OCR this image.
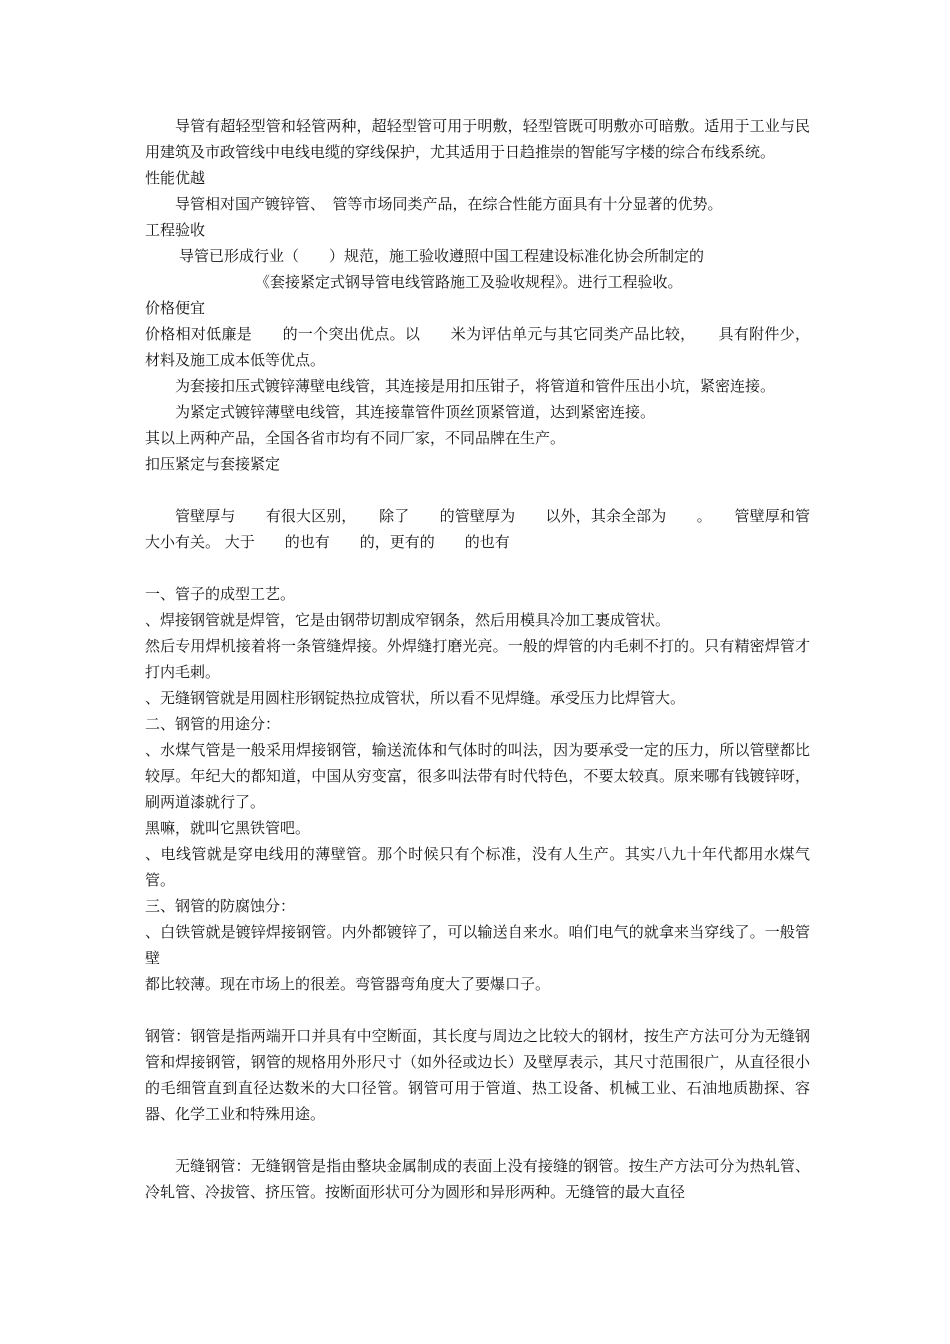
导管有超轻型管和轻管两种，超轻型管可用于明敷，轻型管既可明敷亦可暗敷。适用于工业与民用建筑及市政管线中电线电缆的穿线保护，尤其适用于日趋推崇的智能写字楼的综合布线系统。

性能优越

导管相对国产镀锌管、　管等市场同类产品，在综合性能方面具有十分显著的优势。

工程验收

导管已形成行业（　　）规范，施工验收遵照中国工程建设标准化协会所制定的

《套接紧定式钢导管电线管路施工及验收规程》。进行工程验收。

价格便宜

价格相对低廉是　　的一个突出优点。以　　米为评估单元与其它同类产品比较，　　具有附件少，材料及施工成本低等优点。

为套接扣压式镀锌薄壁电线管，其连接是用扣压钳子，将管道和管件压出小坑，紧密连接。

为紧定式镀锌薄壁电线管，其连接靠管件顶丝顶紧管道，达到紧密连接。

其以上两种产品，全国各省市均有不同厂家，不同品牌在生产。

扣压紧定与套接紧定

管壁厚与　　有很大区别，　　除了　　的管壁厚为　　以外，其余全部为　　。　　管壁厚和管大小有关。 大于　　的也有　　的，更有的　　的也有

一、管子的成型工艺。

、焊接钢管就是焊管，它是由钢带切割成窄钢条，然后用模具冷加工裹成管状。

然后专用焊机接着将一条管缝焊接。外焊缝打磨光亮。一般的焊管的内毛刺不打的。只有精密焊管才打内毛刺。

、无缝钢管就是用圆柱形钢锭热拉成管状，所以看不见焊缝。承受压力比焊管大。

二、钢管的用途分：

、水煤气管是一般采用焊接钢管，输送流体和气体时的叫法，因为要承受一定的压力，所以管壁都比较厚。年纪大的都知道，中国从穷变富，很多叫法带有时代特色，不要太较真。原来哪有钱镀锌呀，刷两道漆就行了。

黑嘛，就叫它黑铁管吧。

、电线管就是穿电线用的薄壁管。那个时候只有个标准，没有人生产。其实八九十年代都用水煤气管。

三、钢管的防腐蚀分：

、白铁管就是镀锌焊接钢管。内外都镀锌了，可以输送自来水。咱们电气的就拿来当穿线了。一般管壁

都比较薄。现在市场上的很差。弯管器弯角度大了要爆口子。

钢管：钢管是指两端开口并具有中空断面，其长度与周边之比较大的钢材，按生产方法可分为无缝钢管和焊接钢管，钢管的规格用外形尺寸（如外径或边长）及壁厚表示，其尺寸范围很广，从直径很小的毛细管直到直径达数米的大口径管。钢管可用于管道、热工设备、机械工业、石油地质勘探、容器、化学工业和特殊用途。

无缝钢管：无缝钢管是指由整块金属制成的表面上没有接缝的钢管。按生产方法可分为热轧管、冷轧管、冷拔管、挤压管。按断面形状可分为圆形和异形两种。无缝管的最大直径
